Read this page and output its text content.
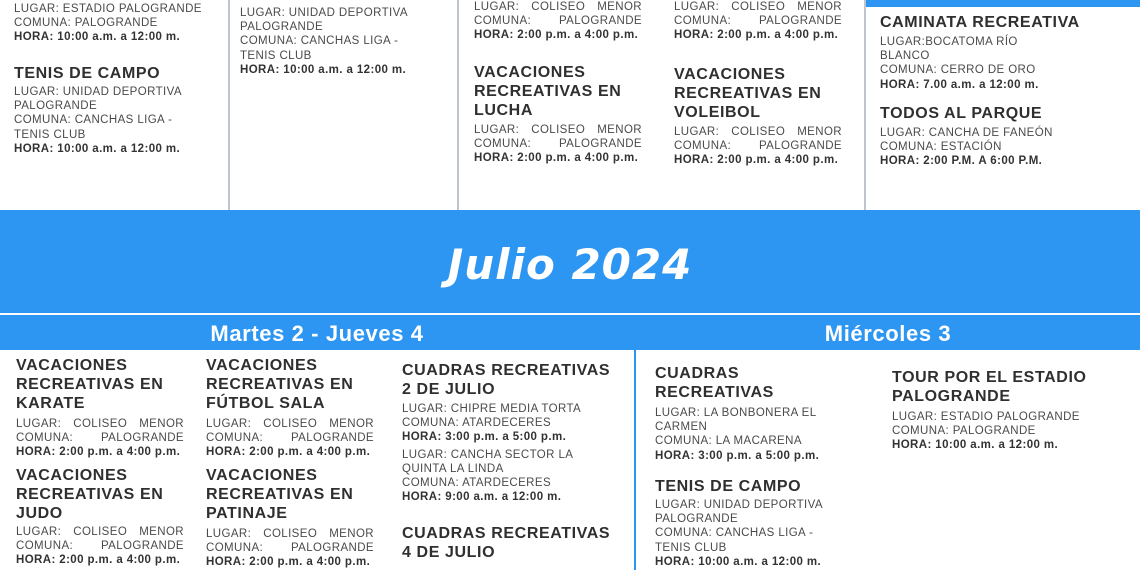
LUGAR: ESTADIO PALOGRANDE
COMUNA: PALOGRANDE
HORA: 10:00 a.m. a 12:00 m.
TENIS DE CAMPO
LUGAR: UNIDAD DEPORTIVA
PALOGRANDE
COMUNA: CANCHAS LIGA -
TENIS CLUB
HORA: 10:00 a.m. a 12:00 m.
LUGAR: UNIDAD DEPORTIVA
PALOGRANDE
COMUNA: CANCHAS LIGA -
TENIS CLUB
HORA: 10:00 a.m. a 12:00 m.
LUGAR: COLISEO MENOR
COMUNA: PALOGRANDE
HORA: 2:00 p.m. a 4:00 p.m.
VACACIONES
RECREATIVAS EN
LUCHA
LUGAR: COLISEO MENOR
COMUNA: PALOGRANDE
HORA: 2:00 p.m. a 4:00 p.m.
LUGAR: COLISEO MENOR
COMUNA: PALOGRANDE
HORA: 2:00 p.m. a 4:00 p.m.
VACACIONES
RECREATIVAS EN
VOLEIBOL
LUGAR: COLISEO MENOR
COMUNA: PALOGRANDE
HORA: 2:00 p.m. a 4:00 p.m.
CAMINATA RECREATIVA
LUGAR:BOCATOMA RÍO
BLANCO
COMUNA: CERRO DE ORO
HORA: 7.00 a.m. a 12:00 m.
TODOS AL PARQUE
LUGAR: CANCHA DE FANEÓN
COMUNA: ESTACIÓN
HORA: 2:00 P.M. A 6:00 P.M.
Julio 2024
Martes 2 - Jueves 4	Miércoles 3
VACACIONES
RECREATIVAS EN
KARATE
LUGAR: COLISEO MENOR
COMUNA: PALOGRANDE
HORA: 2:00 p.m. a 4:00 p.m.
VACACIONES
RECREATIVAS EN
JUDO
LUGAR: COLISEO MENOR
COMUNA: PALOGRANDE
HORA: 2:00 p.m. a 4:00 p.m.
VACACIONES
RECREATIVAS EN
FÚTBOL SALA
LUGAR: COLISEO MENOR
COMUNA: PALOGRANDE
HORA: 2:00 p.m. a 4:00 p.m.
VACACIONES
RECREATIVAS EN
PATINAJE
LUGAR: COLISEO MENOR
COMUNA: PALOGRANDE
HORA: 2:00 p.m. a 4:00 p.m.
CUADRAS RECREATIVAS
2 DE JULIO
LUGAR: CHIPRE MEDIA TORTA
COMUNA: ATARDECERES
HORA: 3:00 p.m. a 5:00 p.m.
LUGAR: CANCHA SECTOR LA
QUINTA LA LINDA
COMUNA: ATARDECERES
HORA: 9:00 a.m. a 12:00 m.
CUADRAS RECREATIVAS
4 DE JULIO
CUADRAS
RECREATIVAS
LUGAR: LA BONBONERA EL
CARMEN
COMUNA: LA MACARENA
HORA: 3:00 p.m. a 5:00 p.m.
TENIS DE CAMPO
LUGAR: UNIDAD DEPORTIVA
PALOGRANDE
COMUNA: CANCHAS LIGA -
TENIS CLUB
HORA: 10:00 a.m. a 12:00 m.
TOUR POR EL ESTADIO
PALOGRANDE
LUGAR: ESTADIO PALOGRANDE
COMUNA: PALOGRANDE
HORA: 10:00 a.m. a 12:00 m.
